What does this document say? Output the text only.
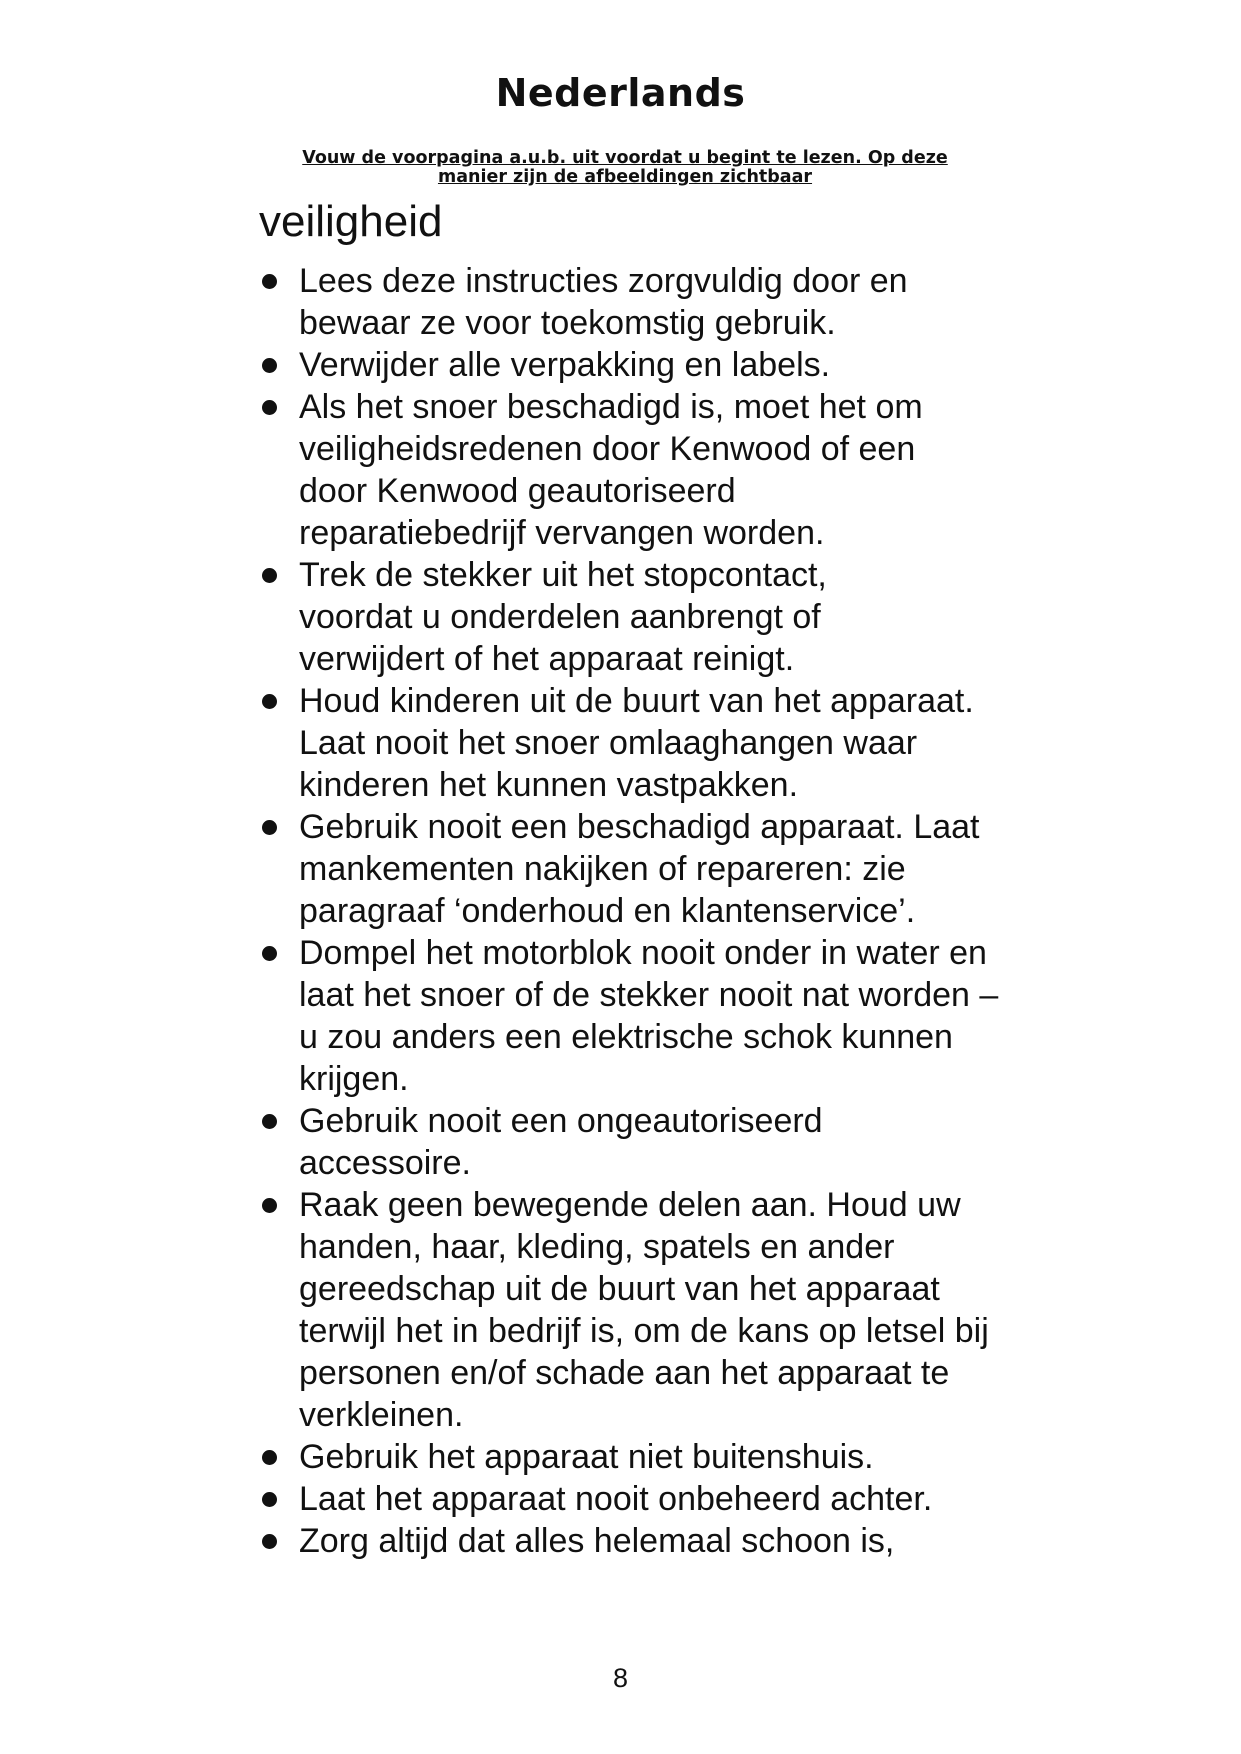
Nederlands
Vouw de voorpagina a.u.b. uit voordat u begint te lezen. Op deze manier zijn de afbeeldingen zichtbaar
veiligheid
Lees deze instructies zorgvuldig door en bewaar ze voor toekomstig gebruik.
Verwijder alle verpakking en labels.
Als het snoer beschadigd is, moet het om veiligheidsredenen door Kenwood of een door Kenwood geautoriseerd reparatiebedrijf vervangen worden.
Trek de stekker uit het stopcontact, voordat u onderdelen aanbrengt of verwijdert of het apparaat reinigt.
Houd kinderen uit de buurt van het apparaat. Laat nooit het snoer omlaaghangen waar kinderen het kunnen vastpakken.
Gebruik nooit een beschadigd apparaat. Laat mankementen nakijken of repareren: zie paragraaf ‘onderhoud en klantenservice’.
Dompel het motorblok nooit onder in water en laat het snoer of de stekker nooit nat worden – u zou anders een elektrische schok kunnen krijgen.
Gebruik nooit een ongeautoriseerd accessoire.
Raak geen bewegende delen aan. Houd uw handen, haar, kleding, spatels en ander gereedschap uit de buurt van het apparaat terwijl het in bedrijf is, om de kans op letsel bij personen en/of schade aan het apparaat te verkleinen.
Gebruik het apparaat niet buitenshuis.
Laat het apparaat nooit onbeheerd achter.
Zorg altijd dat alles helemaal schoon is,
8
